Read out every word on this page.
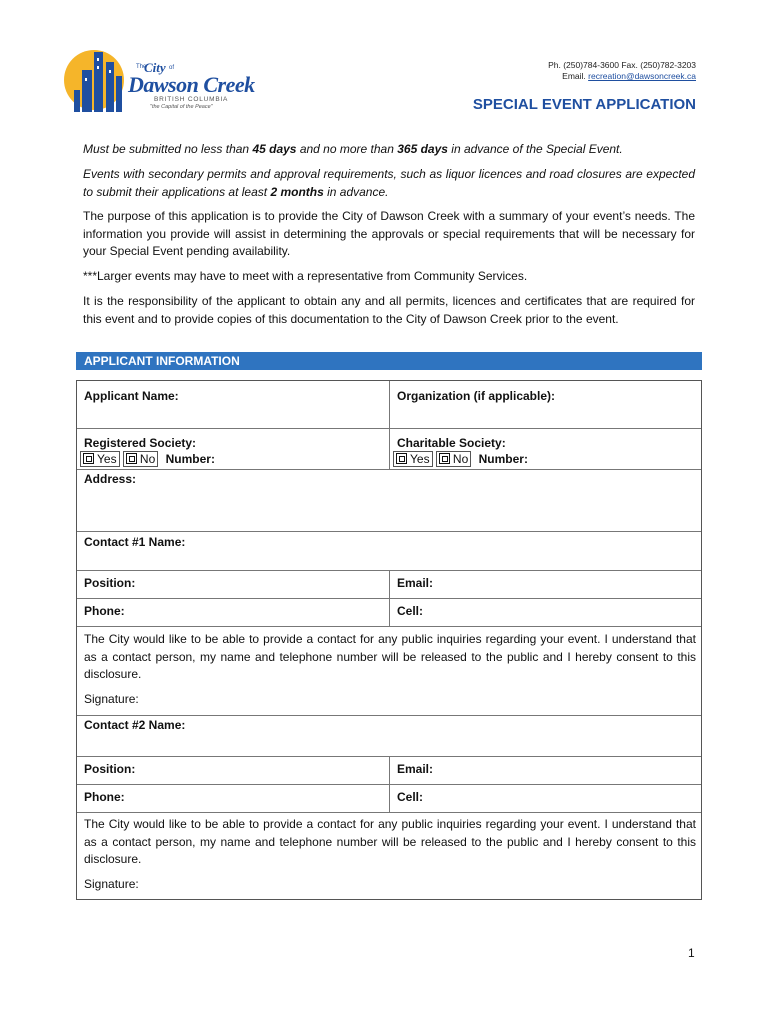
The
City of
Dawson Creek
BRITISH COLUMBIA
"the Capital of the Peace"
Ph. (250)784-3600 Fax. (250)782-3203
Email. recreation@dawsoncreek.ca
SPECIAL EVENT APPLICATION

Must be submitted no less than 45 days and no more than 365 days in advance of the Special Event.

Events with secondary permits and approval requirements, such as liquor licences and road closures are expected to submit their applications at least 2 months in advance.

The purpose of this application is to provide the City of Dawson Creek with a summary of your event’s needs. The information you provide will assist in determining the approvals or special requirements that will be necessary for your Special Event pending availability.

***Larger events may have to meet with a representative from Community Services.

It is the responsibility of the applicant to obtain any and all permits, licences and certificates that are required for this event and to provide copies of this documentation to the City of Dawson Creek prior to the event.

APPLICANT INFORMATION
Applicant Name:	Organization (if applicable):
Registered Society:
Yes No Number:
Charitable Society:
Yes No Number:
Address:
Contact #1 Name:
Position:	Email:
Phone:	Cell:
The City would like to be able to provide a contact for any public inquiries regarding your event. I understand that as a contact person, my name and telephone number will be released to the public and I hereby consent to this disclosure.
Signature:
Contact #2 Name:
Position:	Email:
Phone:	Cell:
The City would like to be able to provide a contact for any public inquiries regarding your event. I understand that as a contact person, my name and telephone number will be released to the public and I hereby consent to this disclosure.
Signature:
1
